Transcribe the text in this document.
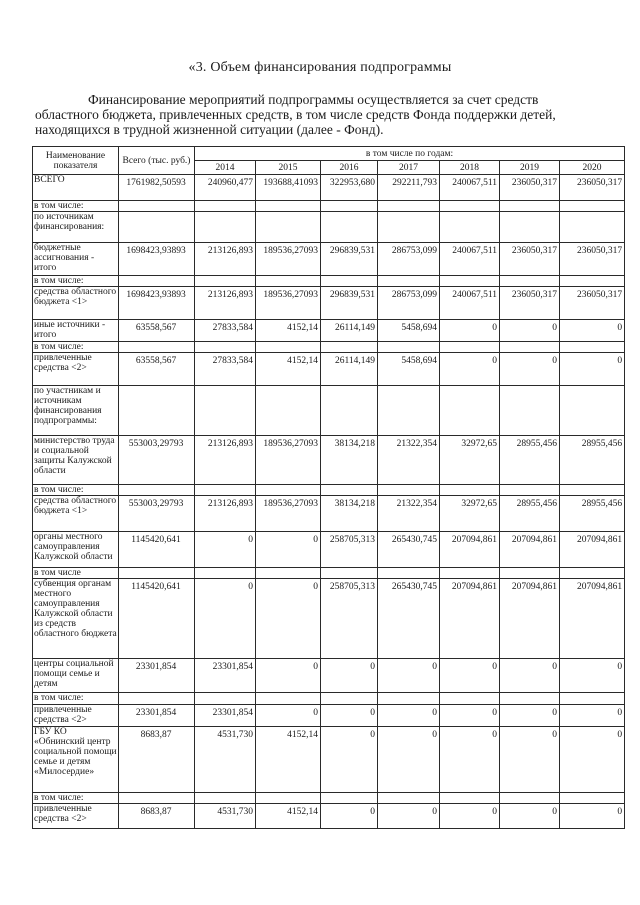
«3. Объем финансирования подпрограммы
Финансирование мероприятий подпрограммы осуществляется за счет средств
областного бюджета, привлеченных средств, в том числе средств Фонда поддержки детей,
находящихся в трудной жизненной ситуации (далее - Фонд).
Наименование показателя	Всего (тыс. руб.)	в том числе по годам:						
		2014	2015	2016	2017	2018	2019	2020
ВСЕГО	1761982,50593	240960,477	193688,41093	322953,680	292211,793	240067,511	236050,317	236050,317
в том числе:								
по источникам финансирования:								
бюджетные ассигнования - итого	1698423,93893	213126,893	189536,27093	296839,531	286753,099	240067,511	236050,317	236050,317
в том числе:								
средства областного бюджета <1>	1698423,93893	213126,893	189536,27093	296839,531	286753,099	240067,511	236050,317	236050,317
иные источники - итого	63558,567	27833,584	4152,14	26114,149	5458,694	0	0	0
в том числе:								
привлеченные средства <2>	63558,567	27833,584	4152,14	26114,149	5458,694	0	0	0
по участникам и источникам финансирования подпрограммы:								
министерство труда и социальной защиты Калужской области	553003,29793	213126,893	189536,27093	38134,218	21322,354	32972,65	28955,456	28955,456
в том числе:								
средства областного бюджета <1>	553003,29793	213126,893	189536,27093	38134,218	21322,354	32972,65	28955,456	28955,456
органы местного самоуправления Калужской области	1145420,641	0	0	258705,313	265430,745	207094,861	207094,861	207094,861
в том числе								
субвенция органам местного самоуправления Калужской области из средств областного бюджета	1145420,641	0	0	258705,313	265430,745	207094,861	207094,861	207094,861
центры социальной помощи семье и детям	23301,854	23301,854	0	0	0	0	0	0
в том числе:								
привлеченные средства <2>	23301,854	23301,854	0	0	0	0	0	0
ГБУ КО «Обнинский центр социальной помощи семье и детям «Милосердие»	8683,87	4531,730	4152,14	0	0	0	0	0
в том числе:								
привлеченные средства <2>	8683,87	4531,730	4152,14	0	0	0	0	0
